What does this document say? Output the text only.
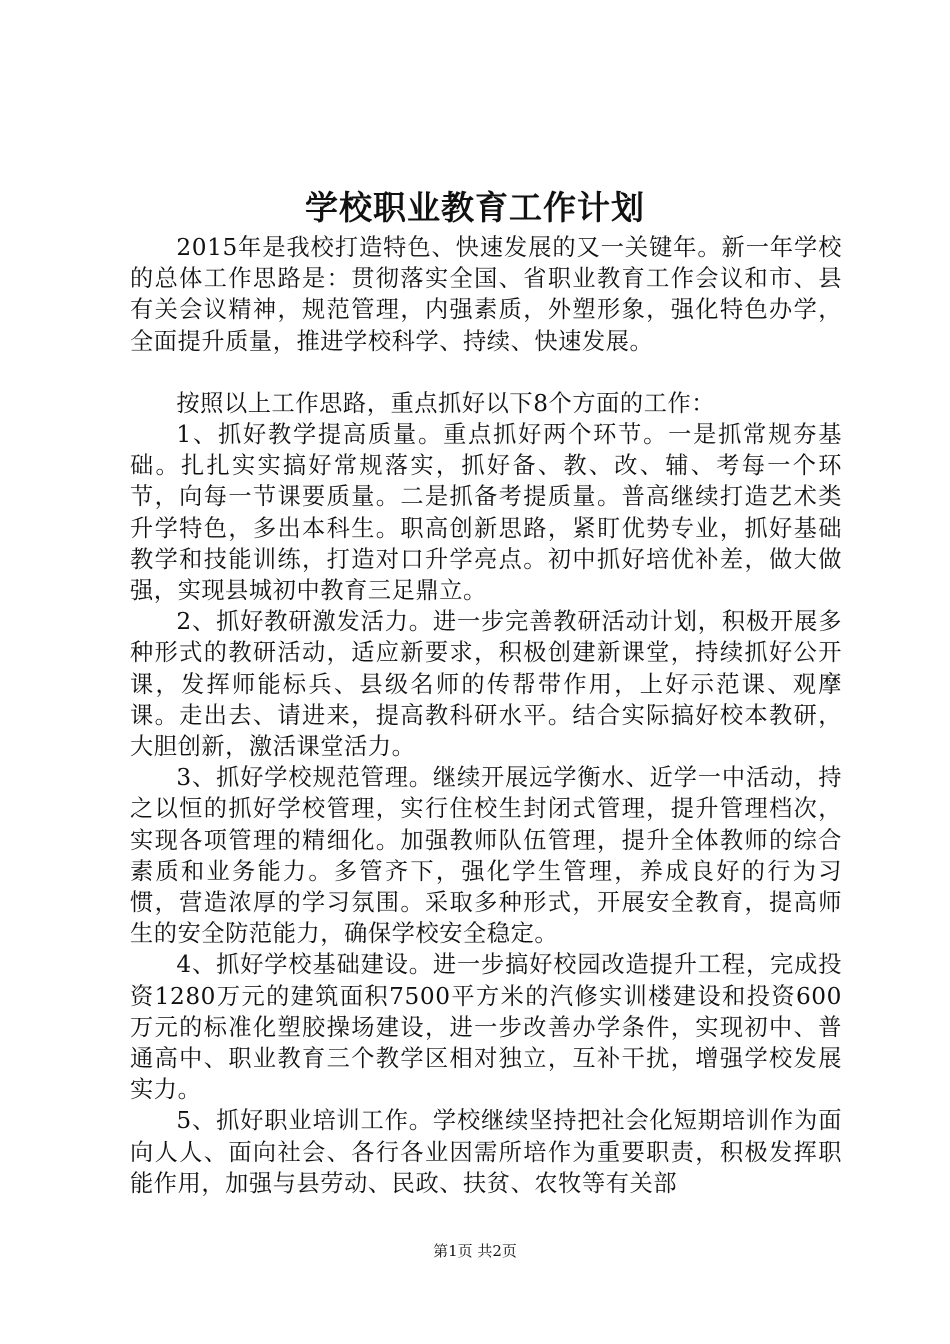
学校职业教育工作计划

2015年是我校打造特色、快速发展的又一关键年。新一年学校的总体工作思路是：贯彻落实全国、省职业教育工作会议和市、县有关会议精神，规范管理，内强素质，外塑形象，强化特色办学，全面提升质量，推进学校科学、持续、快速发展。

按照以上工作思路，重点抓好以下8个方面的工作：

1、抓好教学提高质量。重点抓好两个环节。一是抓常规夯基础。扎扎实实搞好常规落实，抓好备、教、改、辅、考每一个环节，向每一节课要质量。二是抓备考提质量。普高继续打造艺术类升学特色，多出本科生。职高创新思路，紧盯优势专业，抓好基础教学和技能训练，打造对口升学亮点。初中抓好培优补差，做大做强，实现县城初中教育三足鼎立。

2、抓好教研激发活力。进一步完善教研活动计划，积极开展多种形式的教研活动，适应新要求，积极创建新课堂，持续抓好公开课，发挥师能标兵、县级名师的传帮带作用，上好示范课、观摩课。走出去、请进来，提高教科研水平。结合实际搞好校本教研，大胆创新，激活课堂活力。

3、抓好学校规范管理。继续开展远学衡水、近学一中活动，持之以恒的抓好学校管理，实行住校生封闭式管理，提升管理档次，实现各项管理的精细化。加强教师队伍管理，提升全体教师的综合素质和业务能力。多管齐下，强化学生管理，养成良好的行为习惯，营造浓厚的学习氛围。采取多种形式，开展安全教育，提高师生的安全防范能力，确保学校安全稳定。

4、抓好学校基础建设。进一步搞好校园改造提升工程，完成投资1280万元的建筑面积7500平方米的汽修实训楼建设和投资600万元的标准化塑胶操场建设，进一步改善办学条件，实现初中、普通高中、职业教育三个教学区相对独立，互补干扰，增强学校发展实力。

5、抓好职业培训工作。学校继续坚持把社会化短期培训作为面向人人、面向社会、各行各业因需所培作为重要职责，积极发挥职能作用，加强与县劳动、民政、扶贫、农牧等有关部

第1页 共2页
